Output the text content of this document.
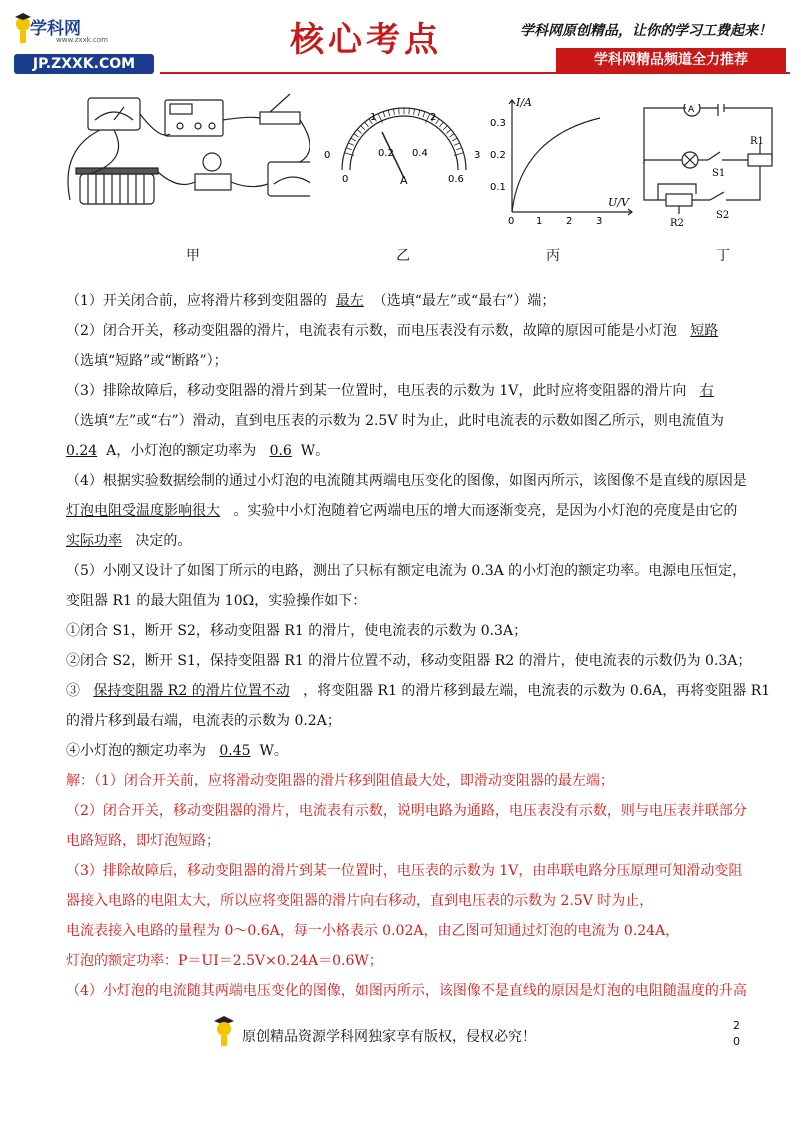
学科网
www.zxxk.com
JP.ZXXK.COM
核心考点	学科网原创精品，让你的学习工费起来！
学科网精品频道全力推荐
甲
0
1	2
3
0
0.2 0.4
0.6
A
乙
I/A
U/V
0.1
0.2
0.3
0 1 2 3
丙
A
S1
R1
R2
S2
丁

（1）开关闭合前，应将滑片移到变阻器的 最左 （选填“最左”或“最右”）端；

（2）闭合开关，移动变阻器的滑片，电流表有示数，而电压表没有示数，故障的原因可能是小灯泡 短路

（选填“短路”或“断路”）；

（3）排除故障后，移动变阻器的滑片到某一位置时，电压表的示数为 1V，此时应将变阻器的滑片向 右

（选填“左”或“右”）滑动，直到电压表的示数为 2.5V 时为止，此时电流表的示数如图乙所示，则电流值为

0.24 A，小灯泡的额定功率为 0.6 W。

（4）根据实验数据绘制的通过小灯泡的电流随其两端电压变化的图像，如图丙所示，该图像不是直线的原因是

灯泡电阻受温度影响很大 。实验中小灯泡随着它两端电压的增大而逐渐变亮，是因为小灯泡的亮度是由它的

实际功率 决定的。

（5）小刚又设计了如图丁所示的电路，测出了只标有额定电流为 0.3A 的小灯泡的额定功率。电源电压恒定，

变阻器 R1 的最大阻值为 10Ω，实验操作如下：

①闭合 S1，断开 S2，移动变阻器 R1 的滑片，使电流表的示数为 0.3A；

②闭合 S2，断开 S1，保持变阻器 R1 的滑片位置不动，移动变阻器 R2 的滑片，使电流表的示数仍为 0.3A；

③ 保持变阻器 R2 的滑片位置不动 ，将变阻器 R1 的滑片移到最左端，电流表的示数为 0.6A，再将变阻器 R1

的滑片移到最右端，电流表的示数为 0.2A；

④小灯泡的额定功率为 0.45 W。

解：（1）闭合开关前，应将滑动变阻器的滑片移到阻值最大处，即滑动变阻器的最左端；

（2）闭合开关，移动变阻器的滑片，电流表有示数，说明电路为通路，电压表没有示数，则与电压表并联部分

电路短路，即灯泡短路；

（3）排除故障后，移动变阻器的滑片到某一位置时，电压表的示数为 1V，由串联电路分压原理可知滑动变阻

器接入电路的电阻太大，所以应将变阻器的滑片向右移动，直到电压表的示数为 2.5V 时为止，

电流表接入电路的量程为 0～0.6A，每一小格表示 0.02A，由乙图可知通过灯泡的电流为 0.24A，

灯泡的额定功率：P＝UI＝2.5V×0.24A＝0.6W；

（4）小灯泡的电流随其两端电压变化的图像，如图丙所示，该图像不是直线的原因是灯泡的电阻随温度的升高

原创精品资源学科网独家享有版权，侵权必究！
2
0
